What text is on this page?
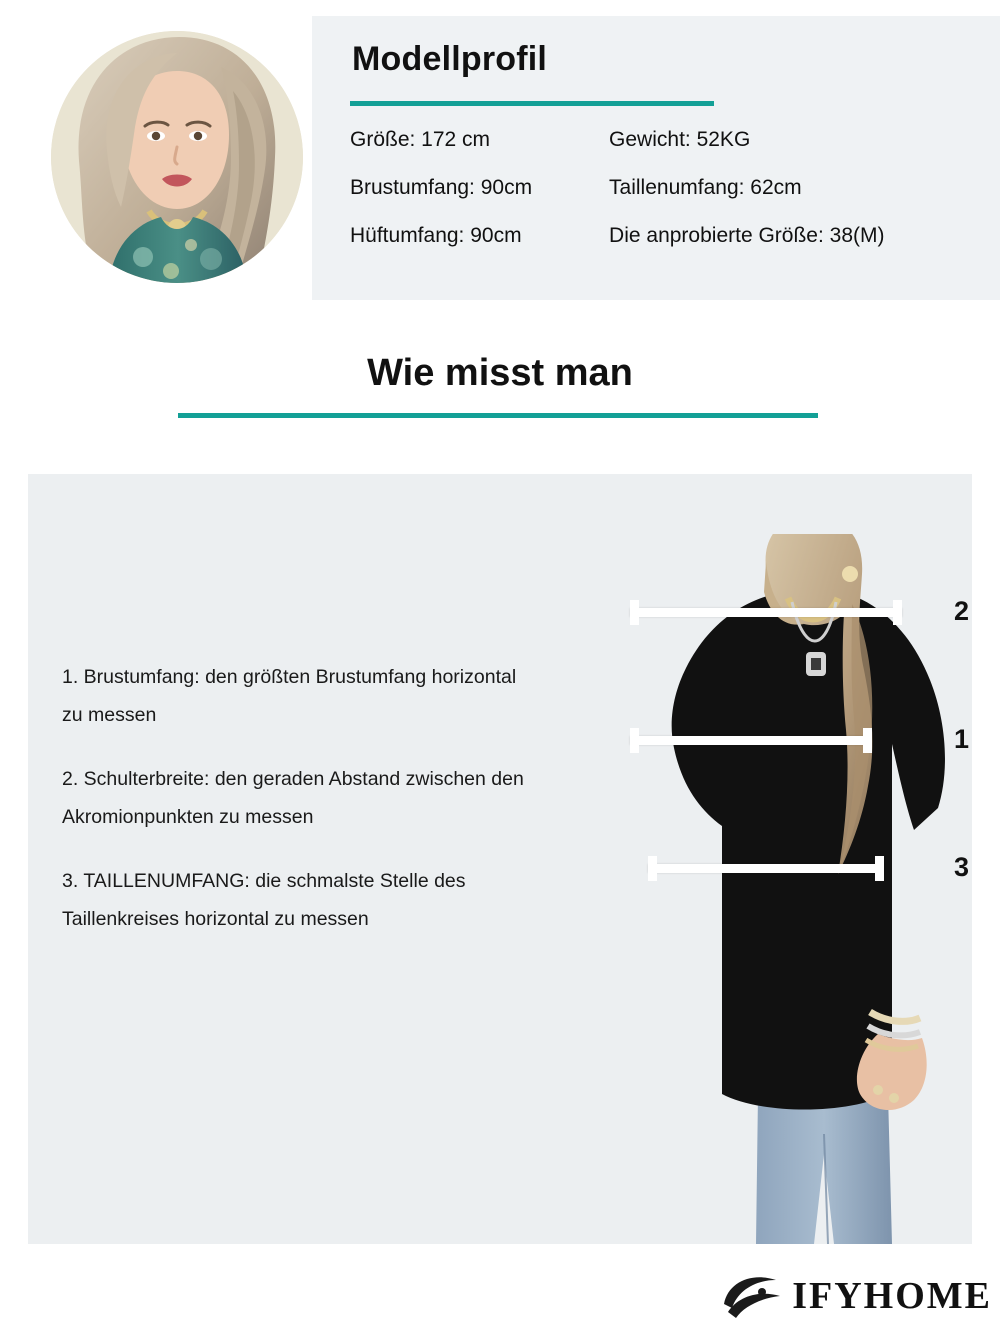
Modellprofil
Größe: 172 cm	Gewicht: 52KG
Brustumfang: 90cm	Taillenumfang: 62cm
Hüftumfang: 90cm	Die anprobierte Größe: 38(M)
Wie misst man

1. Brustumfang: den größten Brustumfang horizontal zu messen

2. Schulterbreite: den geraden Abstand zwischen den Akromionpunkten zu messen

3. TAILLENUMFANG: die schmalste Stelle des Taillenkreises horizontal zu messen

2
1
3
IFYHOME
